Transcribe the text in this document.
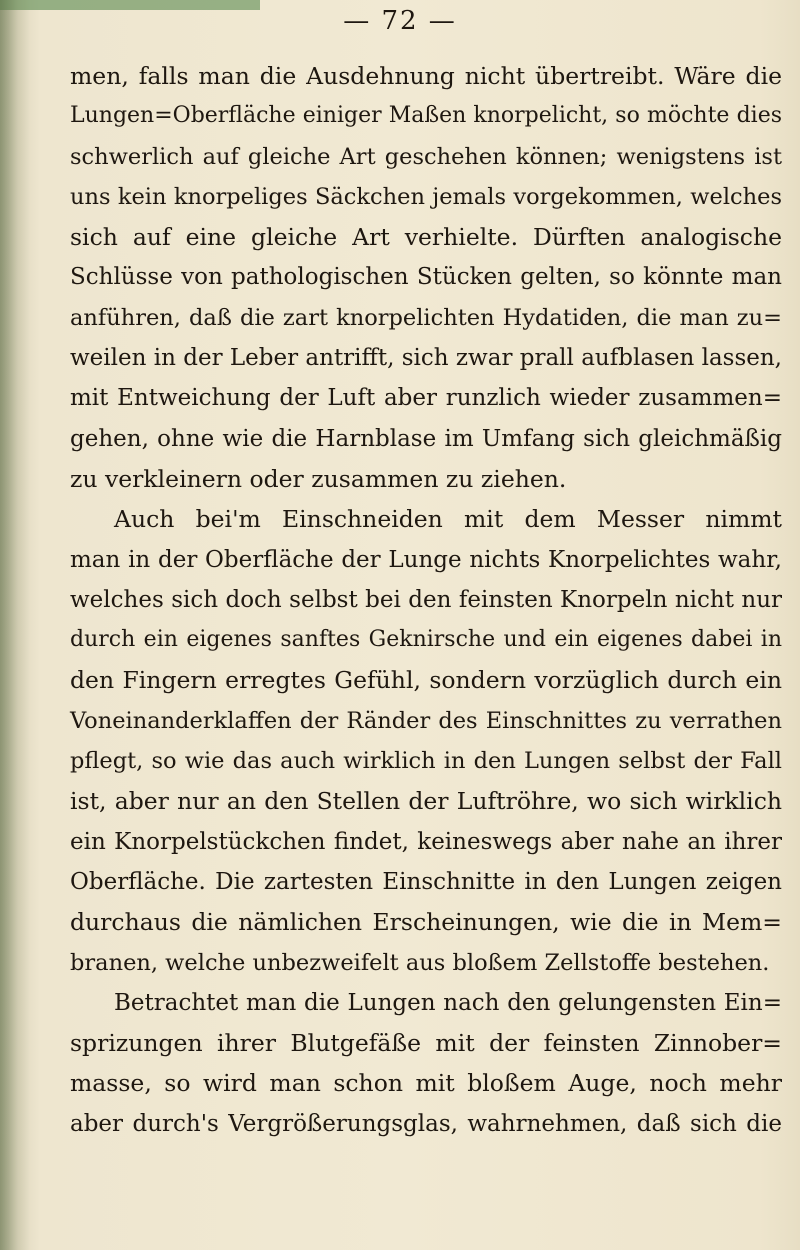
— 72 —
men, falls man die Ausdehnung nicht übertreibt. Wäre die
Lungen=Oberfläche einiger Maßen knorpelicht, so möchte dies
schwerlich auf gleiche Art geschehen können; wenigstens ist
uns kein knorpeliges Säckchen jemals vorgekommen, welches
sich auf eine gleiche Art verhielte. Dürften analogische
Schlüsse von pathologischen Stücken gelten, so könnte man
anführen, daß die zart knorpelichten Hydatiden, die man zu=
weilen in der Leber antrifft, sich zwar prall aufblasen lassen,
mit Entweichung der Luft aber runzlich wieder zusammen=
gehen, ohne wie die Harnblase im Umfang sich gleichmäßig
zu verkleinern oder zusammen zu ziehen.
Auch bei'm Einschneiden mit dem Messer nimmt
man in der Oberfläche der Lunge nichts Knorpelichtes wahr,
welches sich doch selbst bei den feinsten Knorpeln nicht nur
durch ein eigenes sanftes Geknirsche und ein eigenes dabei in
den Fingern erregtes Gefühl, sondern vorzüglich durch ein
Voneinanderklaffen der Ränder des Einschnittes zu verrathen
pflegt, so wie das auch wirklich in den Lungen selbst der Fall
ist, aber nur an den Stellen der Luftröhre, wo sich wirklich
ein Knorpelstückchen findet, keineswegs aber nahe an ihrer
Oberfläche. Die zartesten Einschnitte in den Lungen zeigen
durchaus die nämlichen Erscheinungen, wie die in Mem=
branen, welche unbezweifelt aus bloßem Zellstoffe bestehen.
Betrachtet man die Lungen nach den gelungensten Ein=
sprizungen ihrer Blutgefäße mit der feinsten Zinnober=
masse, so wird man schon mit bloßem Auge, noch mehr
aber durch's Vergrößerungsglas, wahrnehmen, daß sich die
